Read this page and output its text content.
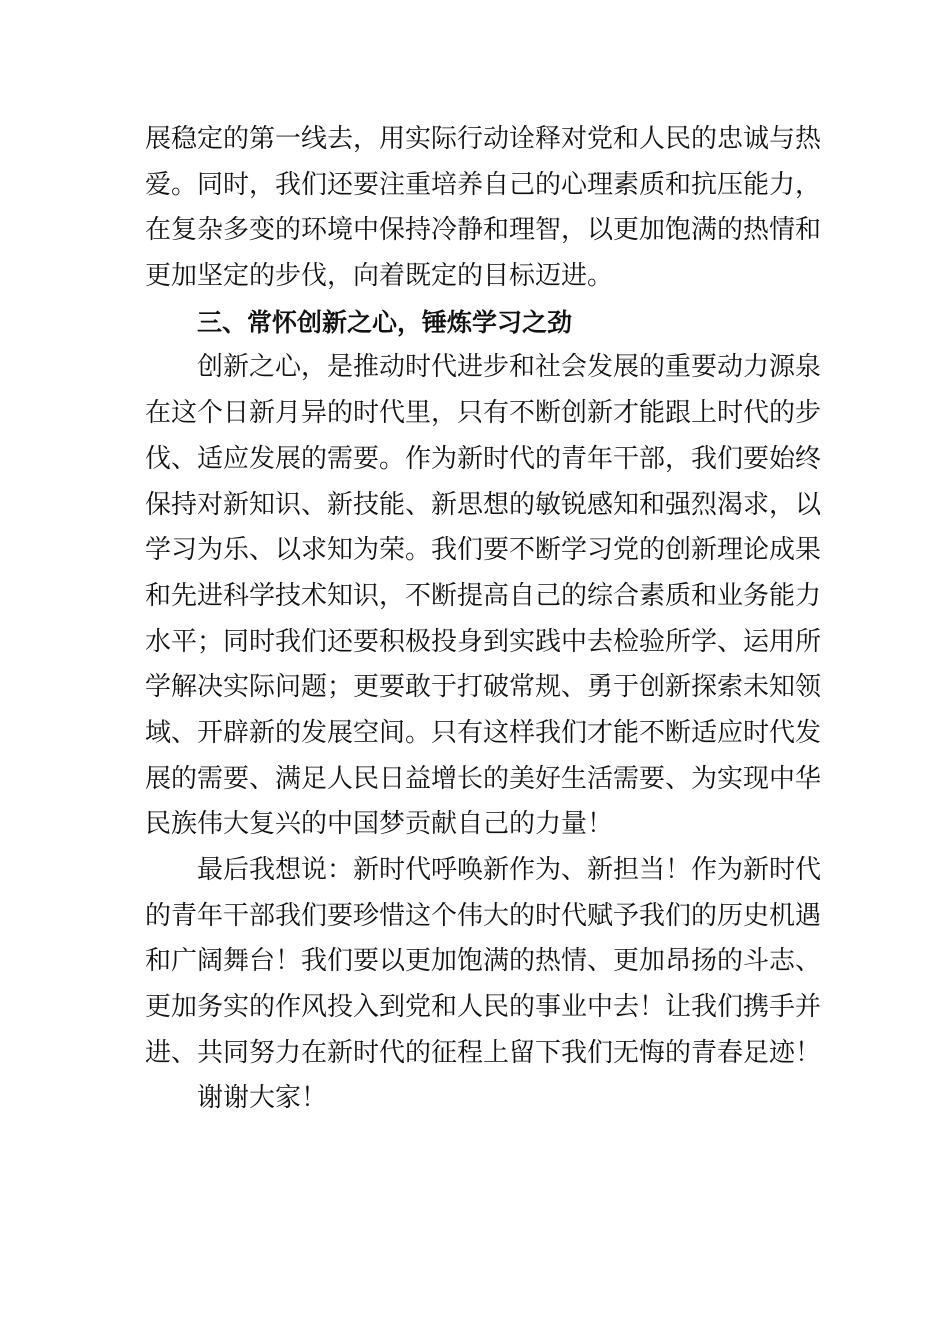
展稳定的第一线去，用实际行动诠释对党和人民的忠诚与热
爱。同时，我们还要注重培养自己的心理素质和抗压能力，
在复杂多变的环境中保持冷静和理智，以更加饱满的热情和
更加坚定的步伐，向着既定的目标迈进。
三、常怀创新之心，锤炼学习之劲
创新之心，是推动时代进步和社会发展的重要动力源泉
在这个日新月异的时代里，只有不断创新才能跟上时代的步
伐、适应发展的需要。作为新时代的青年干部，我们要始终
保持对新知识、新技能、新思想的敏锐感知和强烈渴求，以
学习为乐、以求知为荣。我们要不断学习党的创新理论成果
和先进科学技术知识，不断提高自己的综合素质和业务能力
水平；同时我们还要积极投身到实践中去检验所学、运用所
学解决实际问题；更要敢于打破常规、勇于创新探索未知领
域、开辟新的发展空间。只有这样我们才能不断适应时代发
展的需要、满足人民日益增长的美好生活需要、为实现中华
民族伟大复兴的中国梦贡献自己的力量！
最后我想说：新时代呼唤新作为、新担当！作为新时代
的青年干部我们要珍惜这个伟大的时代赋予我们的历史机遇
和广阔舞台！我们要以更加饱满的热情、更加昂扬的斗志、
更加务实的作风投入到党和人民的事业中去！让我们携手并
进、共同努力在新时代的征程上留下我们无悔的青春足迹！
谢谢大家！
